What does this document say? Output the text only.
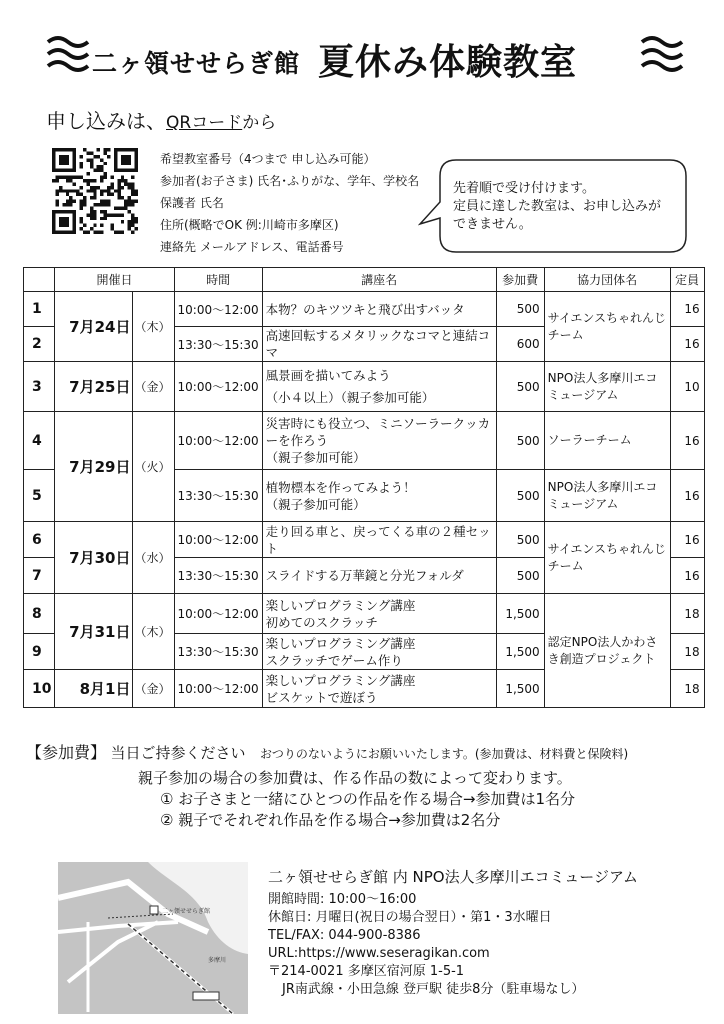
二ヶ領せせらぎ館 夏休み体験教室
申し込みは、QRコードから
希望教室番号（4つまで 申し込み可能）
参加者(お子さま) 氏名･ふりがな、学年、学校名
保護者 氏名
住所(概略でOK 例:川崎市多摩区)
連絡先 メールアドレス、電話番号
先着順で受け付けます。
定員に達した教室は、お申し込みができません。
	開催日		時間	講座名	参加費	協力団体名	定員
1	7月24日	（木）	10:00～12:00	本物？のキツツキと飛び出すバッタ	500	サイエンスちゃれんじチーム	16
2			13:30～15:30	高速回転するメタリックなコマと連結コマ	600		16
3	7月25日	（金）	10:00～12:00	風景画を描いてみよう
（小４以上）（親子参加可能）	500	NPO法人多摩川エコミュージアム	10
4	7月29日	（火）	10:00～12:00	災害時にも役立つ、ミニソーラークッカーを作ろう
（親子参加可能）	500	ソーラーチーム	16
5			13:30～15:30	植物標本を作ってみよう！
（親子参加可能）	500	NPO法人多摩川エコミュージアム	16
6	7月30日	（水）	10:00～12:00	走り回る車と、戻ってくる車の２種セット	500	サイエンスちゃれんじチーム	16
7			13:30～15:30	スライドする万華鏡と分光フォルダ	500		16
8	7月31日	（木）	10:00～12:00	楽しいプログラミング講座
初めてのスクラッチ	1,500	認定NPO法人かわさき創造プロジェクト	18
9			13:30～15:30	楽しいプログラミング講座
スクラッチでゲーム作り	1,500		18
10	8月1日	（金）	10:00～12:00	楽しいプログラミング講座
ビスケットで遊ぼう	1,500		18
【参加費】 当日ご持参ください おつりのないようにお願いいたします。(参加費は、材料費と保険料)
親子参加の場合の参加費は、作る作品の数によって変わります。
① お子さまと一緒にひとつの作品を作る場合→参加費は1名分
② 親子でそれぞれ作品を作る場合→参加費は2名分
二ヶ領せせらぎ館
多摩川
二ヶ領せせらぎ館 内 NPO法人多摩川エコミュージアム
開館時間: 10:00～16:00
休館日: 月曜日(祝日の場合翌日）・第1・3水曜日
TEL/FAX: 044-900-8386
URL:https://www.seseragikan.com
〒214-0021 多摩区宿河原 1-5-1
JR南武線・小田急線 登戸駅 徒歩8分（駐車場なし）
